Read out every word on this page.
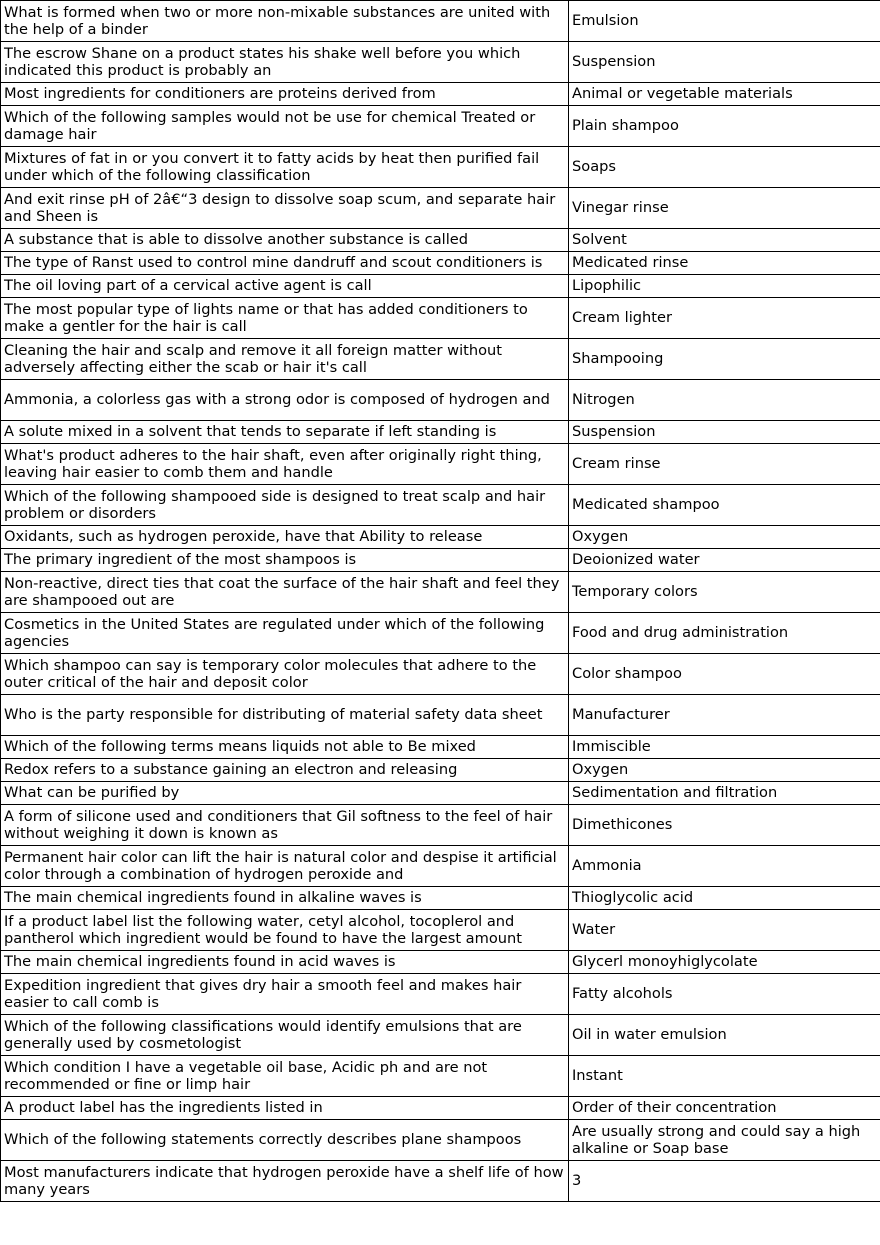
What is formed when two or more non-mixable substances are united with the help of a binder	Emulsion
The escrow Shane on a product states his shake well before you which indicated this product is probably an	Suspension
Most ingredients for conditioners are proteins derived from	Animal or vegetable materials
Which of the following samples would not be use for chemical Treated or damage hair	Plain shampoo
Mixtures of fat in or you convert it to fatty acids by heat then purified fail under which of the following classification	Soaps
And exit rinse pH of 2â€“3 design to dissolve soap scum, and separate hair and Sheen is	Vinegar rinse
A substance that is able to dissolve another substance is called	Solvent
The type of Ranst used to control mine dandruff and scout conditioners is	Medicated rinse
The oil loving part of a cervical active agent is call	Lipophilic
The most popular type of lights name or that has added conditioners to make a gentler for the hair is call	Cream lighter
Cleaning the hair and scalp and remove it all foreign matter without adversely affecting either the scab or hair it's call	Shampooing
Ammonia, a colorless gas with a strong odor is composed of hydrogen and	Nitrogen
A solute mixed in a solvent that tends to separate if left standing is	Suspension
What's product adheres to the hair shaft, even after originally right thing, leaving hair easier to comb them and handle	Cream rinse
Which of the following shampooed side is designed to treat scalp and hair problem or disorders	Medicated shampoo
Oxidants, such as hydrogen peroxide, have that Ability to release	Oxygen
The primary ingredient of the most shampoos is	Deoionized water
Non-reactive, direct ties that coat the surface of the hair shaft and feel they are shampooed out are	Temporary colors
Cosmetics in the United States are regulated under which of the following agencies	Food and drug administration
Which shampoo can say is temporary color molecules that adhere to the outer critical of the hair and deposit color	Color shampoo
Who is the party responsible for distributing of material safety data sheet	Manufacturer
Which of the following terms means liquids not able to Be mixed	Immiscible
Redox refers to a substance gaining an electron and releasing	Oxygen
What can be purified by	Sedimentation and filtration
A form of silicone used and conditioners that Gil softness to the feel of hair without weighing it down is known as	Dimethicones
Permanent hair color can lift the hair is natural color and despise it artificial color through a combination of hydrogen peroxide and	Ammonia
The main chemical ingredients found in alkaline waves is	Thioglycolic acid
If a product label list the following water, cetyl alcohol, tocoplerol and pantherol which ingredient would be found to have the largest amount	Water
The main chemical ingredients found in acid waves is	Glycerl monoyhiglycolate
Expedition ingredient that gives dry hair a smooth feel and makes hair easier to call comb is	Fatty alcohols
Which of the following classifications would identify emulsions that are generally used by cosmetologist	Oil in water emulsion
Which condition I have a vegetable oil base, Acidic ph and are not recommended or fine or limp hair	Instant
A product label has the ingredients listed in	Order of their concentration
Which of the following statements correctly describes plane shampoos	Are usually strong and could say a high alkaline or Soap base
Most manufacturers indicate that hydrogen peroxide have a shelf life of how many years	3
